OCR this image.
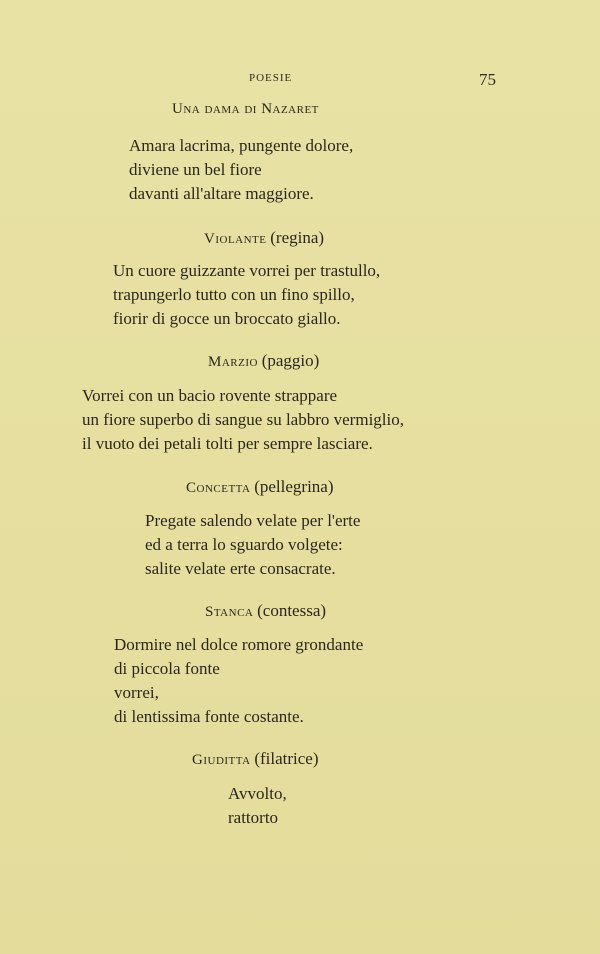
POESIE	75
Una dama di Nazaret
Amara lacrima, pungente dolore,
diviene un bel fiore
davanti all'altare maggiore.
Violante (regina)
Un cuore guizzante vorrei per trastullo,
trapungerlo tutto con un fino spillo,
fiorir di gocce un broccato giallo.
Marzio (paggio)
Vorrei con un bacio rovente strappare
un fiore superbo di sangue su labbro vermiglio,
il vuoto dei petali tolti per sempre lasciare.
Concetta (pellegrina)
Pregate salendo velate per l'erte
ed a terra lo sguardo volgete:
salite velate erte consacrate.
Stanca (contessa)
Dormire nel dolce romore grondante
di piccola fonte
vorrei,
di lentissima fonte costante.
Giuditta (filatrice)
Avvolto,
rattorto
